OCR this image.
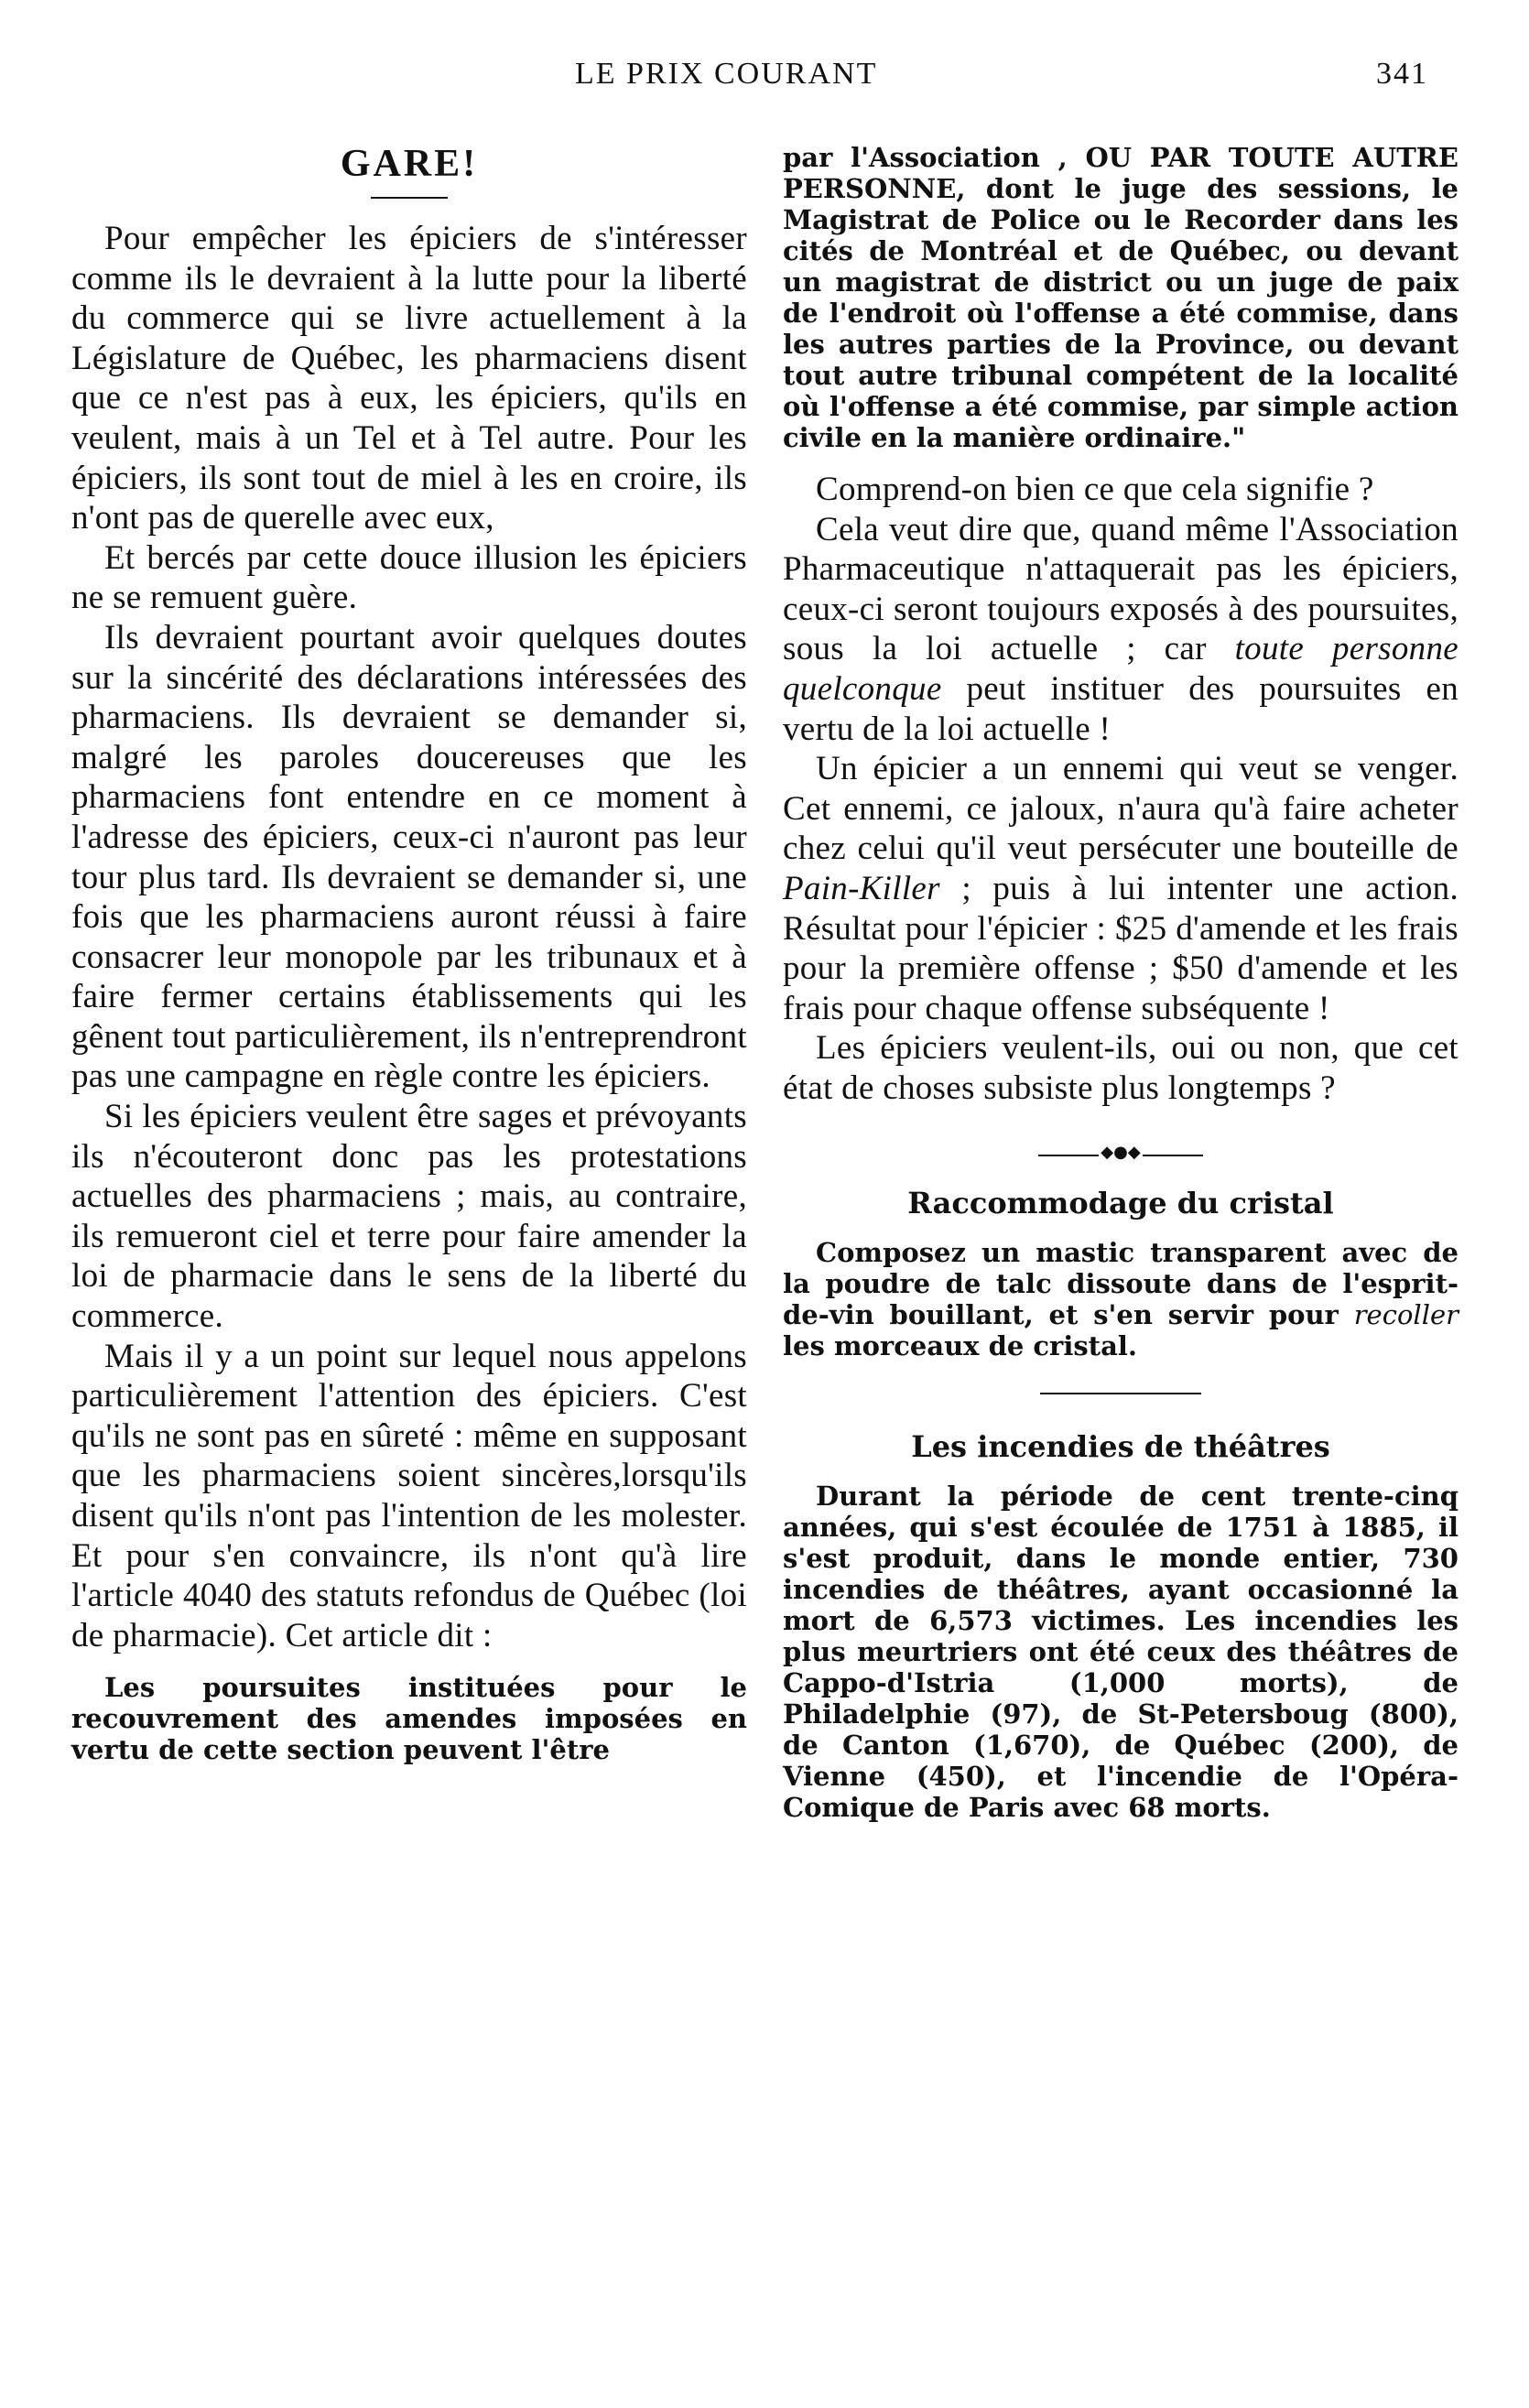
LE PRIX COURANT	341
GARE!

Pour empêcher les épiciers de s'intéresser comme ils le devraient à la lutte pour la liberté du commerce qui se livre actuellement à la Législature de Québec, les pharmaciens disent que ce n'est pas à eux, les épiciers, qu'ils en veulent, mais à un Tel et à Tel autre. Pour les épiciers, ils sont tout de miel à les en croire, ils n'ont pas de querelle avec eux,

Et bercés par cette douce illusion les épiciers ne se remuent guère.

Ils devraient pourtant avoir quelques doutes sur la sincérité des déclarations intéressées des pharmaciens. Ils devraient se demander si, malgré les paroles doucereuses que les pharmaciens font entendre en ce moment à l'adresse des épiciers, ceux-ci n'auront pas leur tour plus tard. Ils devraient se demander si, une fois que les pharmaciens auront réussi à faire consacrer leur monopole par les tribunaux et à faire fermer certains établissements qui les gênent tout particulièrement, ils n'entreprendront pas une campagne en règle contre les épiciers.

Si les épiciers veulent être sages et prévoyants ils n'écouteront donc pas les protestations actuelles des pharmaciens ; mais, au contraire, ils remueront ciel et terre pour faire amender la loi de pharmacie dans le sens de la liberté du commerce.

Mais il y a un point sur lequel nous appelons particulièrement l'attention des épiciers. C'est qu'ils ne sont pas en sûreté : même en supposant que les pharmaciens soient sincères,lorsqu'ils disent qu'ils n'ont pas l'intention de les molester. Et pour s'en convaincre, ils n'ont qu'à lire l'article 4040 des statuts refondus de Québec (loi de pharmacie). Cet article dit :

Les poursuites instituées pour le recouvrement des amendes imposées en vertu de cette section peuvent l'être

par l'Association , OU PAR TOUTE AUTRE PERSONNE, dont le juge des sessions, le Magistrat de Police ou le Recorder dans les cités de Montréal et de Québec, ou devant un magistrat de district ou un juge de paix de l'endroit où l'offense a été commise, dans les autres parties de la Province, ou devant tout autre tribunal compétent de la localité où l'offense a été commise, par simple action civile en la manière ordinaire."

Comprend-on bien ce que cela signifie ?

Cela veut dire que, quand même l'Association Pharmaceutique n'attaquerait pas les épiciers, ceux-ci seront toujours exposés à des poursuites, sous la loi actuelle ; car toute personne quelconque peut instituer des poursuites en vertu de la loi actuelle !

Un épicier a un ennemi qui veut se venger. Cet ennemi, ce jaloux, n'aura qu'à faire acheter chez celui qu'il veut persécuter une bouteille de Pain-Killer ; puis à lui intenter une action. Résultat pour l'épicier : $25 d'amende et les frais pour la première offense ; $50 d'amende et les frais pour chaque offense subséquente !

Les épiciers veulent-ils, oui ou non, que cet état de choses subsiste plus longtemps ?

◆●◆
Raccommodage du cristal

Composez un mastic transparent avec de la poudre de talc dissoute dans de l'esprit-de-vin bouillant, et s'en servir pour recoller les morceaux de cristal.

Les incendies de théâtres

Durant la période de cent trente-cinq années, qui s'est écoulée de 1751 à 1885, il s'est produit, dans le monde entier, 730 incendies de théâtres, ayant occasionné la mort de 6,573 victimes. Les incendies les plus meurtriers ont été ceux des théâtres de Cappo-d'Istria (1,000 morts), de Philadelphie (97), de St-Petersboug (800), de Canton (1,670), de Québec (200), de Vienne (450), et l'incendie de l'Opéra-Comique de Paris avec 68 morts.
